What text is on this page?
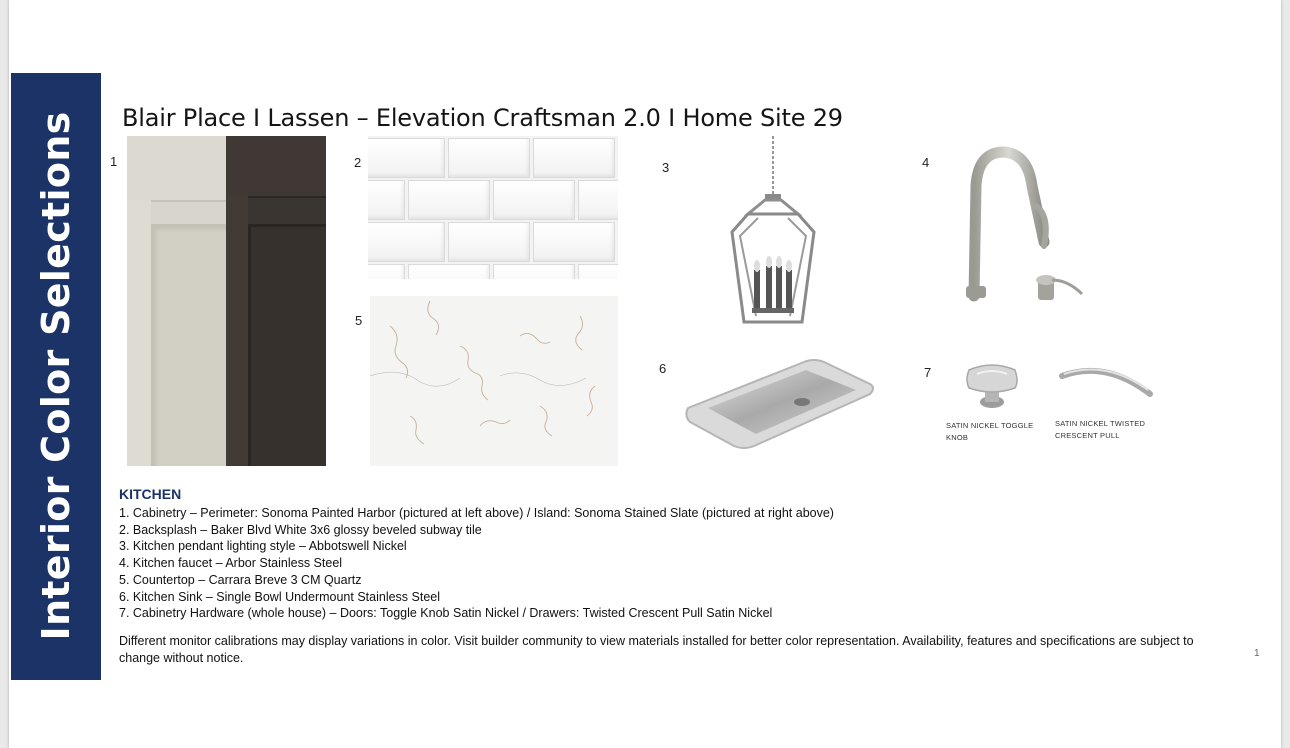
Interior Color Selections Blair Place I Lassen – Elevation Craftsman 2.0 I Home Site 29
1	2	3	4
5
6	7
SATIN NICKEL TOGGLE
KNOB
SATIN NICKEL TWISTED
CRESCENT PULL
KITCHEN
1. Cabinetry – Perimeter: Sonoma Painted Harbor (pictured at left above) / Island: Sonoma Stained Slate (pictured at right above)
2. Backsplash – Baker Blvd White 3x6 glossy beveled subway tile
3. Kitchen pendant lighting style – Abbotswell Nickel
4. Kitchen faucet – Arbor Stainless Steel
5. Countertop – Carrara Breve 3 CM Quartz
6. Kitchen Sink – Single Bowl Undermount Stainless Steel
7. Cabinetry Hardware (whole house) – Doors: Toggle Knob Satin Nickel / Drawers: Twisted Crescent Pull Satin Nickel
Different monitor calibrations may display variations in color. Visit builder community to view materials installed for better color representation. Availability, features and specifications are subject to change without notice.	1
